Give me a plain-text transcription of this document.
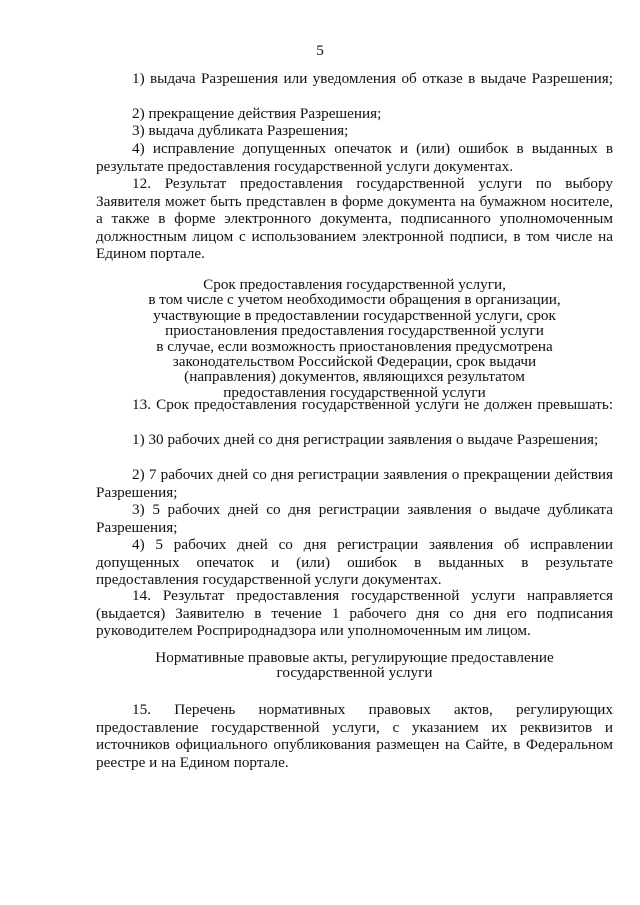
5
1) выдача Разрешения или уведомления об отказе в выдаче Разрешения;
2) прекращение действия Разрешения;
3) выдача дубликата Разрешения;
4) исправление допущенных опечаток и (или) ошибок в выданных в результате предоставления государственной услуги документах.
12. Результат предоставления государственной услуги по выбору Заявителя может быть представлен в форме документа на бумажном носителе, а также в форме электронного документа, подписанного уполномоченным должностным лицом с использованием электронной подписи, в том числе на Едином портале.
Срок предоставления государственной услуги,
в том числе с учетом необходимости обращения в организации,
участвующие в предоставлении государственной услуги, срок
приостановления предоставления государственной услуги
в случае, если возможность приостановления предусмотрена
законодательством Российской Федерации, срок выдачи
(направления) документов, являющихся результатом
предоставления государственной услуги
13. Срок предоставления государственной услуги не должен превышать:
1) 30 рабочих дней со дня регистрации заявления о выдаче Разрешения;
2) 7 рабочих дней со дня регистрации заявления о прекращении действия Разрешения;
3) 5 рабочих дней со дня регистрации заявления о выдаче дубликата Разрешения;
4) 5 рабочих дней со дня регистрации заявления об исправлении допущенных опечаток и (или) ошибок в выданных в результате предоставления государственной услуги документах.
14. Результат предоставления государственной услуги направляется (выдается) Заявителю в течение 1 рабочего дня со дня его подписания руководителем Росприроднадзора или уполномоченным им лицом.
Нормативные правовые акты, регулирующие предоставление
государственной услуги
15. Перечень нормативных правовых актов, регулирующих предоставление государственной услуги, с указанием их реквизитов и источников официального опубликования размещен на Сайте, в Федеральном реестре и на Едином портале.
